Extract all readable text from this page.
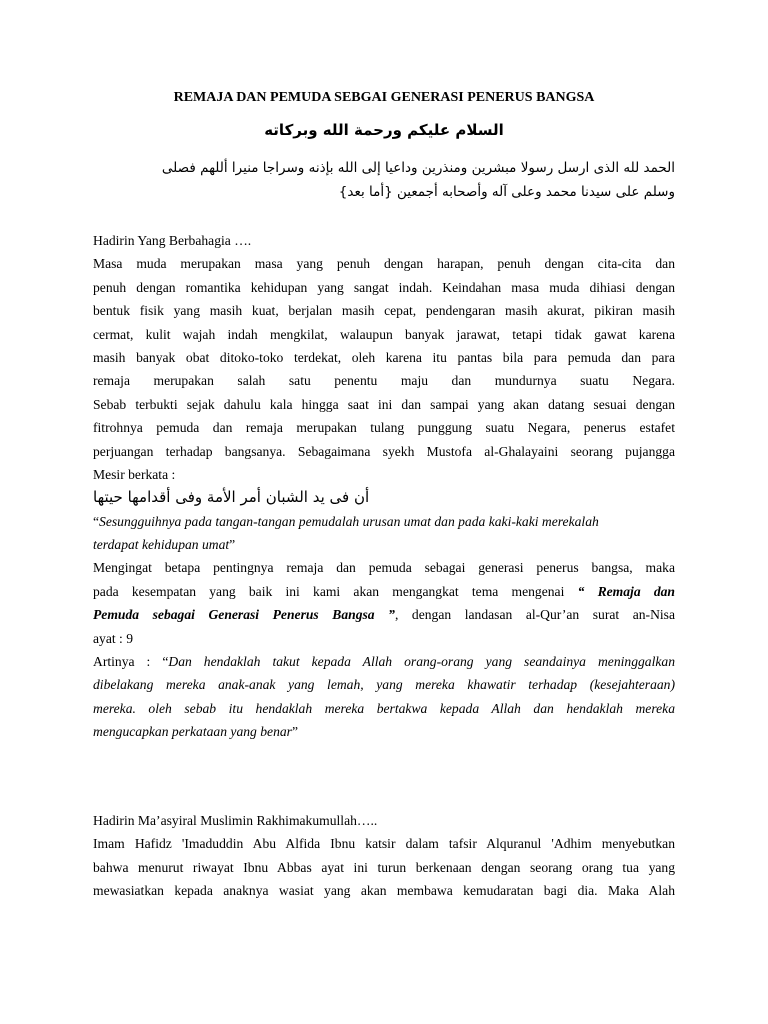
REMAJA DAN PEMUDA SEBGAI GENERASI PENERUS BANGSA
السلام عليكم ورحمة الله وبركاته
الحمد لله الذى ارسل رسولا مبشرين ومنذرين وداعيا إلى الله بإذنه وسراجا منيرا أللهم فصلى
وسلم على سيدنا محمد وعلى آله وأصحابه أجمعين {أما بعد}
Hadirin Yang Berbahagia ….
Masa muda merupakan masa yang penuh dengan harapan, penuh dengan cita-cita dan
penuh dengan romantika kehidupan yang sangat indah. Keindahan masa muda dihiasi dengan
bentuk fisik yang masih kuat, berjalan masih cepat, pendengaran masih akurat, pikiran masih
cermat, kulit wajah indah mengkilat, walaupun banyak jarawat, tetapi tidak gawat karena
masih banyak obat ditoko-toko terdekat, oleh karena itu pantas bila para pemuda dan para
remaja merupakan salah satu penentu maju dan mundurnya suatu Negara.
Sebab terbukti sejak dahulu kala hingga saat ini dan sampai yang akan datang sesuai dengan
fitrohnya pemuda dan remaja merupakan tulang punggung suatu Negara, penerus estafet
perjuangan terhadap bangsanya. Sebagaimana syekh Mustofa al-Ghalayaini seorang pujangga
Mesir berkata :
أن فى يد الشبان أمر الأمة وفى أقدامها حيتها
“Sesungguihnya pada tangan-tangan pemudalah urusan umat dan pada kaki-kaki merekalah
terdapat kehidupan umat”
Mengingat betapa pentingnya remaja dan pemuda sebagai generasi penerus bangsa, maka
pada kesempatan yang baik ini kami akan mengangkat tema mengenai “ Remaja dan
Pemuda sebagai Generasi Penerus Bangsa ”, dengan landasan al-Qur’an surat an-Nisa
ayat : 9
Artinya : “Dan hendaklah takut kepada Allah orang-orang yang seandainya meninggalkan
dibelakang mereka anak-anak yang lemah, yang mereka khawatir terhadap (kesejahteraan)
mereka. oleh sebab itu hendaklah mereka bertakwa kepada Allah dan hendaklah mereka
mengucapkan perkataan yang benar”
Hadirin Ma’asyiral Muslimin Rakhimakumullah…..
Imam Hafidz 'Imaduddin Abu Alfida Ibnu katsir dalam tafsir Alquranul 'Adhim menyebutkan
bahwa menurut riwayat Ibnu Abbas ayat ini turun berkenaan dengan seorang orang tua yang
mewasiatkan kepada anaknya wasiat yang akan membawa kemudaratan bagi dia. Maka Alah
